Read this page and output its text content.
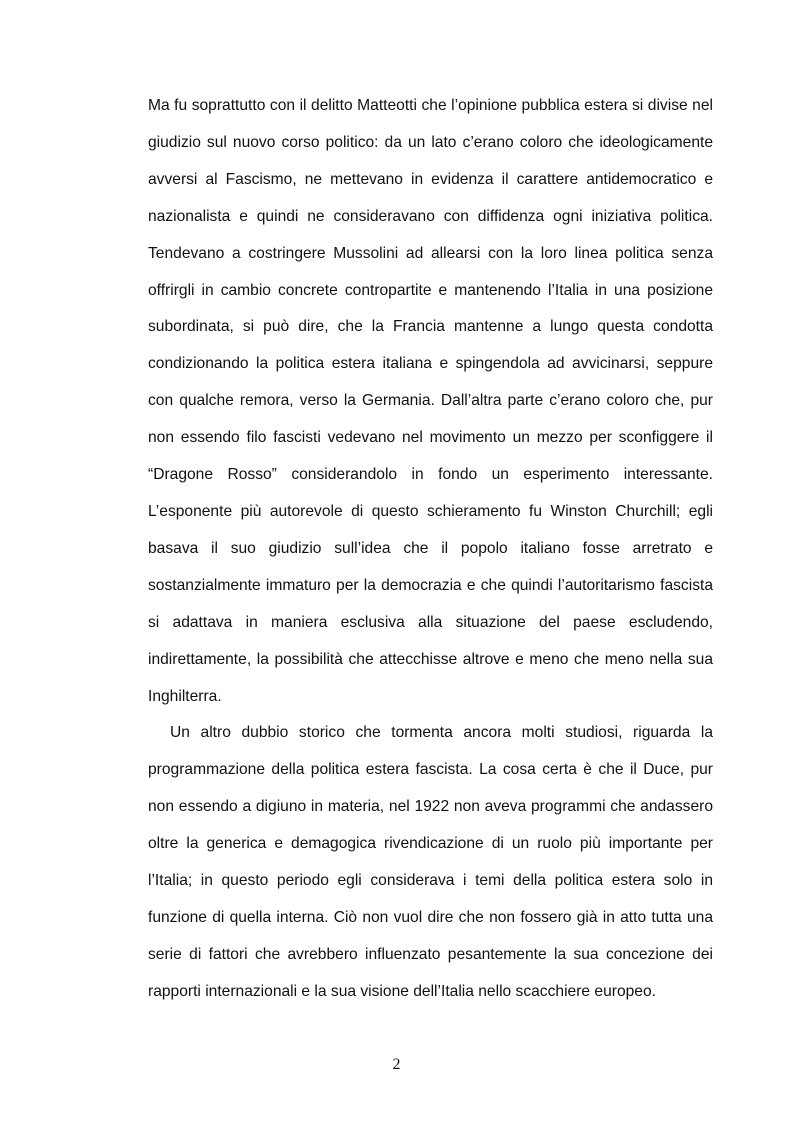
Ma fu soprattutto con il delitto Matteotti che l’opinione pubblica estera si divise nel giudizio sul nuovo corso politico: da un lato c’erano coloro che ideologicamente avversi al Fascismo, ne mettevano in evidenza il carattere antidemocratico e nazionalista e quindi ne consideravano con diffidenza ogni iniziativa politica. Tendevano a costringere Mussolini ad allearsi con la loro linea politica senza offrirgli in cambio concrete contropartite e mantenendo l’Italia in una posizione subordinata, si può dire, che la Francia mantenne a lungo questa condotta condizionando la politica estera italiana e spingendola ad avvicinarsi, seppure con qualche remora, verso la Germania. Dall’altra parte c’erano coloro che, pur non essendo filo fascisti vedevano nel movimento un mezzo per sconfiggere il “Dragone Rosso” considerandolo in fondo un esperimento interessante. L’esponente più autorevole di questo schieramento fu Winston Churchill; egli basava il suo giudizio sull’idea che il popolo italiano fosse arretrato e sostanzialmente immaturo per la democrazia e che quindi l’autoritarismo fascista si adattava in maniera esclusiva alla situazione del paese escludendo, indirettamente, la possibilità che attecchisse altrove e meno che meno nella sua Inghilterra.

Un altro dubbio storico che tormenta ancora molti studiosi, riguarda la programmazione della politica estera fascista. La cosa certa è che il Duce, pur non essendo a digiuno in materia, nel 1922 non aveva programmi che andassero oltre la generica e demagogica rivendicazione di un ruolo più importante per l’Italia; in questo periodo egli considerava i temi della politica estera solo in funzione di quella interna. Ciò non vuol dire che non fossero già in atto tutta una serie di fattori che avrebbero influenzato pesantemente la sua concezione dei rapporti internazionali e la sua visione dell’Italia nello scacchiere europeo.

2
